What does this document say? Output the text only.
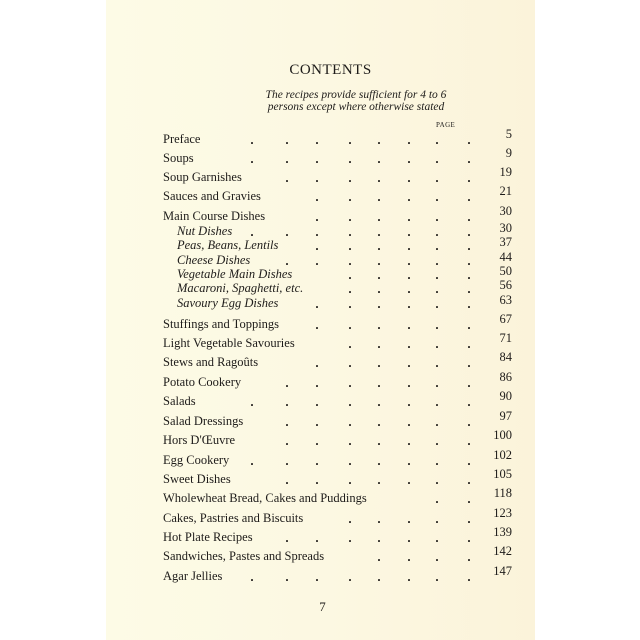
CONTENTS
The recipes provide sufficient for 4 to 6
persons except where otherwise stated
PAGE
Preface	5
Soups	9
Soup Garnishes	19
Sauces and Gravies	21
Main Course Dishes	30
Nut Dishes	30
Peas, Beans, Lentils	37
Cheese Dishes	44
Vegetable Main Dishes	50
Macaroni, Spaghetti, etc.	56
Savoury Egg Dishes	63
Stuffings and Toppings	67
Light Vegetable Savouries	71
Stews and Ragoûts	84
Potato Cookery	86
Salads	90
Salad Dressings	97
Hors D'Œuvre	100
Egg Cookery	102
Sweet Dishes	105
Wholewheat Bread, Cakes and Puddings	118
Cakes, Pastries and Biscuits	123
Hot Plate Recipes	139
Sandwiches, Pastes and Spreads	142
Agar Jellies	147
7
